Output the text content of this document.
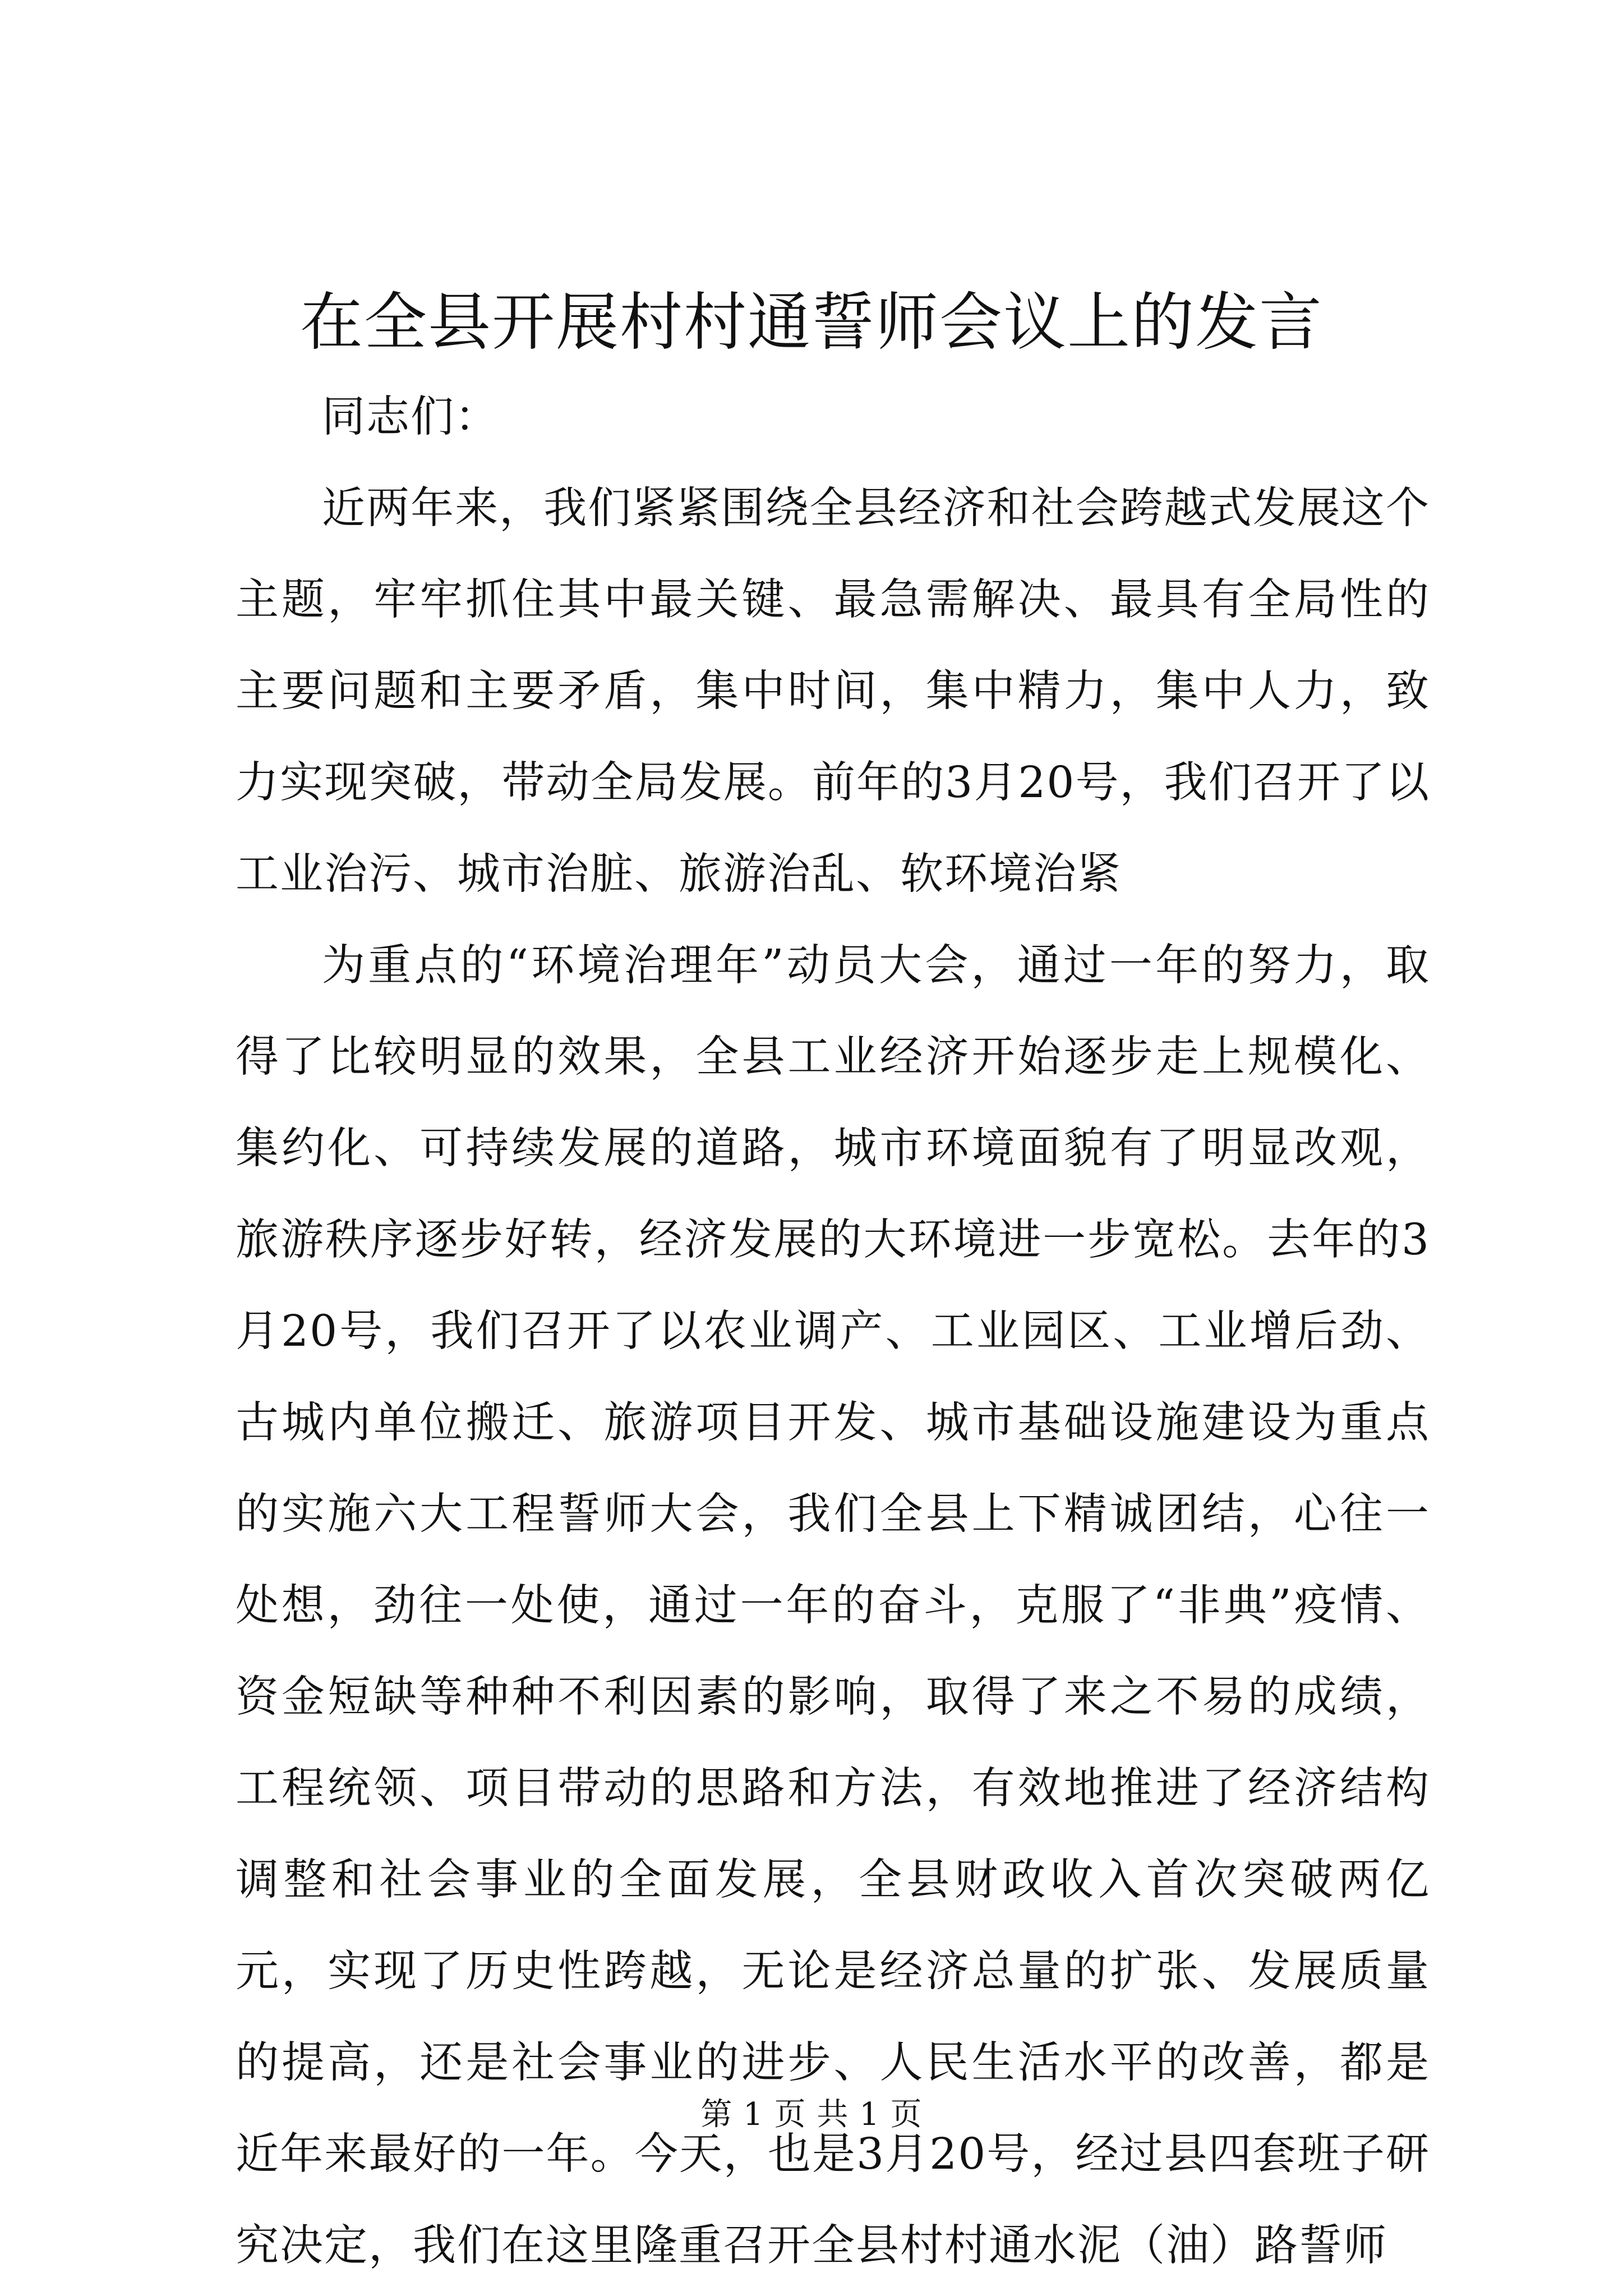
在全县开展村村通誓师会议上的发言

同志们：

近两年来，我们紧紧围绕全县经济和社会跨越式发展这个主题，牢牢抓住其中最关键、最急需解决、最具有全局性的主要问题和主要矛盾，集中时间，集中精力，集中人力，致力实现突破，带动全局发展。前年的3月20号，我们召开了以工业治污、城市治脏、旅游治乱、软环境治紧

为重点的“环境治理年”动员大会，通过一年的努力，取得了比较明显的效果，全县工业经济开始逐步走上规模化、集约化、可持续发展的道路，城市环境面貌有了明显改观，旅游秩序逐步好转，经济发展的大环境进一步宽松。去年的3月20号，我们召开了以农业调产、工业园区、工业增后劲、古城内单位搬迁、旅游项目开发、城市基础设施建设为重点的实施六大工程誓师大会，我们全县上下精诚团结，心往一处想，劲往一处使，通过一年的奋斗，克服了“非典”疫情、资金短缺等种种不利因素的影响，取得了来之不易的成绩，工程统领、项目带动的思路和方法，有效地推进了经济结构调整和社会事业的全面发展，全县财政收入首次突破两亿元，实现了历史性跨越，无论是经济总量的扩张、发展质量的提高，还是社会事业的进步、人民生活水平的改善，都是近年来最好的一年。今天，也是3月20号，经过县四套班子研究决定，我们在这里隆重召开全县村村通水泥（油）路誓师

第 1 页 共 1 页
